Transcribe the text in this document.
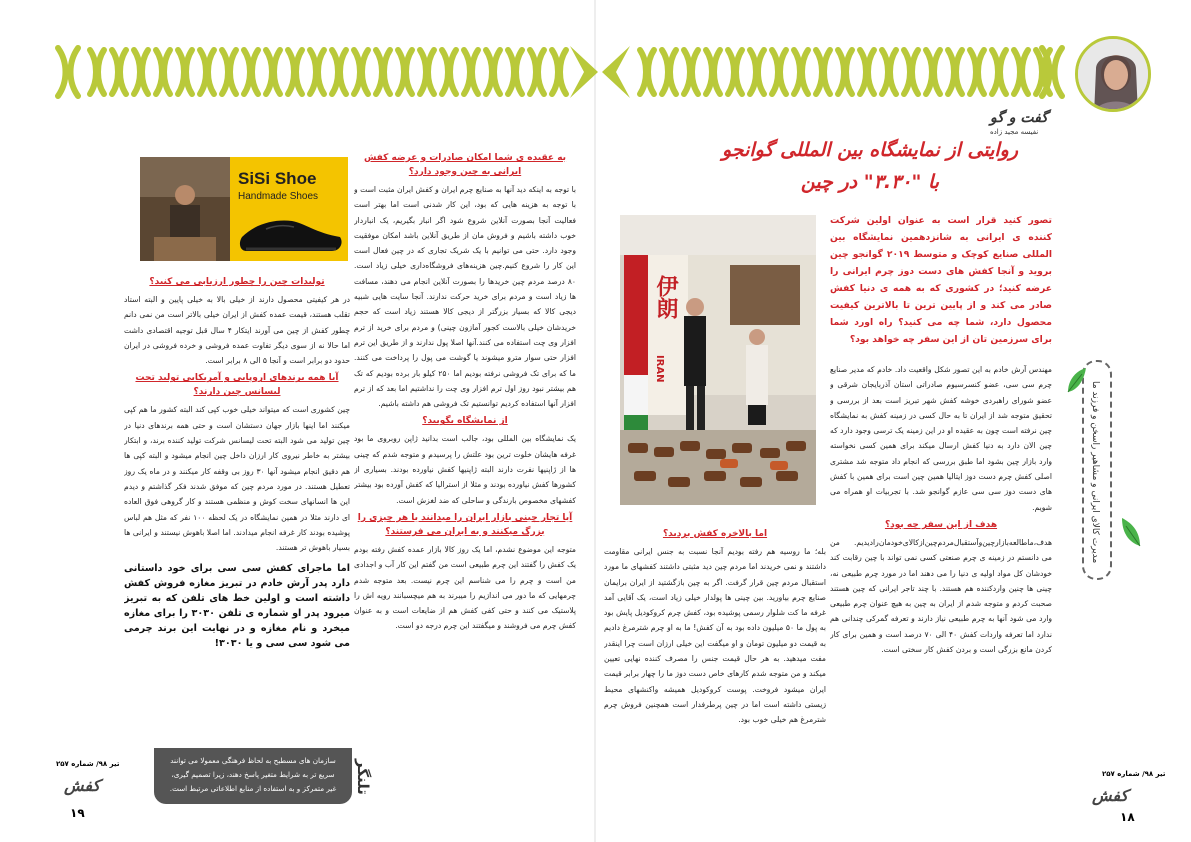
گفت و گو
نفیسه مجید زاده
روایتی از نمایشگاه بین المللی گوانجو
با "۳.۳۰" در چین
تصور کنید قرار است به عنوان اولین شرکت کننده ی ایرانی به شانزدهمین نمایشگاه بین المللی صنایع کوچک و متوسط ۲۰۱۹ گوانجو چین بروید و آنجا کفش های دست دوز چرم ایرانی را عرضه کنید؛ در کشوری که به همه ی دنیا کفش صادر می کند و از پایین ترین تا بالاترین کیفیت محصول دارد، شما چه می کنید؟ راه اورد شما برای سرزمین تان از این سفر چه خواهد بود؟

مهندس آرش خادم به این تصور شکل واقعیت داد. خادم که مدیر صنایع چرم سی سی، عضو کنسرسیوم صادراتی استان آذربایجان شرقی و عضو شورای راهبردی خوشه کفش شهر تبریز است بعد از بررسی و تحقیق متوجه شد از ایران تا به حال کسی در زمینه کفش به نمایشگاه چین نرفته است چون به عقیده او در این زمینه یک ترسی وجود دارد که چین الان دارد به دنیا کفش ارسال میکند برای همین کسی نخواسته وارد بازار چین بشود اما طبق بررسی که انجام داد متوجه شد مشتری اصلی کفش چرم دست دوز ایتالیا همین چین است برای همین با کفش های دست دوز سی سی عازم گوانجو شد. با تجربیات او همراه می شویم.

هدف از این سفر چه بود؟

هدف،ماطالعه‌بازارچین‌وآستقبال‌مردم‌چین‌ازکالای‌خودمان‌را‌دیدیم. من می دانستم در زمینه ی چرم صنعتی کسی نمی تواند با چین رقابت کند خودشان کل مواد اولیه ی دنیا را می دهند اما در مورد چرم طبیعی نه، چینی ها چنین واردکننده هم هستند. با چند تاجر ایرانی که چین هستند صحبت کردم و متوجه شدم از ایران به چین به هیچ عنوان چرم طبیعی وارد می شود آنها به چرم طبیعی نیاز دارند و تعرفه گمرکی چندانی هم ندارد اما تعرفه واردات کفش ۴۰ الی ۷۰ درصد است و همین برای کار کردن مانع بزرگی است و بردن کفش کار سختی است.

伊朗
IRAN
اما بالاخره کفش بردید؟

بله؛ ما روسیه هم رفته بودیم آنجا نسبت به جنس ایرانی مقاومت داشتند و نمی خریدند اما مردم چین دید مثبتی داشتند کفشهای ما مورد استقبال مردم چین قرار گرفت. اگر به چین بازگشتید از ایران برایمان صنایع چرم بیاورید. بین چینی ها پولدار خیلی زیاد است، یک آقایی آمد غرفه ما کت شلوار رسمی پوشیده بود، کفش چرم کروکودیل پایش بود به پول ما ۵۰ میلیون داده بود به آن کفش! ما به او چرم شترمرغ دادیم به قیمت دو میلیون تومان و او میگفت این خیلی ارزان است چرا اینقدر مفت میدهید. به هر حال قیمت جنس را مصرف کننده نهایی تعیین میکند و من متوجه شدم کارهای خاص دست دوز ما را چهار برابر قیمت ایران میشود فروخت. پوست کروکودیل همیشه واکنشهای محیط زیستی داشته است اما در چین پرطرفدار است همچنین فروش چرم شترمرغ هم خیلی خوب بود.

مدیرت کالای ایرانی و مشاهیر راسخن و فرزند ما
تیر ۹۸/ شماره ۲۵۷
کفش
۱۸
به عقیده ی شما امکان صادرات و عرضه کفش ایرانی به چین وجود دارد؟

با توجه به اینکه دید آنها به صنایع چرم ایران و کفش ایران مثبت است و با توجه به هزینه هایی که بود، این کار شدنی است اما بهتر است فعالیت آنجا بصورت آنلاین شروع شود اگر انبار بگیریم، یک انباردار خوب داشته باشیم و فروش مان از طریق آنلاین باشد امکان موفقیت وجود دارد. حتی می توانیم با یک شریک تجاری که در چین فعال است این کار را شروع کنیم.چین هزینه‌های فروشگاه‌داری خیلی زیاد است. ۸۰ درصد مردم چین خریدها را بصورت آنلاین انجام می دهند، مسافت ها زیاد است و مردم برای خرید حرکت ندارند. آنجا سایت هایی شبیه دیجی کالا که بسیار بزرگتر از دیجی کالا هستند زیاد است که حجم خریدشان خیلی بالاست کجور آمازون چینی) و مردم برای خرید از ترم افزار وی چت استفاده می کنند.آنها اصلا پول ندارند و از طریق این ترم افزار حتی سوار مترو میشوند یا گوشت می پول را پرداخت می کنند. ما که برای تک فروشی نرفته بودیم اما ۲۵۰ کیلو بار برده بودیم که تک هم بیشتر نبود روز اول ترم افزار وی چت را نداشتیم اما بعد که از ترم افزار آنها استفاده کردیم توانستیم تک فروشی هم داشته باشیم.

از نمایشگاه بگویید؟

یک نمایشگاه بین المللی بود، جالب است بدانید ژاپن روبروی ما بود غرفه هایشان خلوت ترین بود علتش را پرسیدم و متوجه شدم که چینی ها از ژاپنیها نفرت دارند البته ژاپنیها کفش نیاورده بودند. بسیاری از کشورها کفش نیاورده بودند و مثلا از استرالیا که کفش آورده بود بیشتر کفشهای مخصوص بارندگی و ساحلی که ضد لغزش است.

آیا تجار چینی بازار ایران را میدانند یا هر چیزی را بزرگ میکنند و به ایران می فرستند؟

متوجه این موضوع نشدم، اما یک روز کالا بازار عمده کفش رفته بودم یک کفش را گفتند این چرم طبیعی است من گفتم این کار آب و اجدادی من است و چرم را می شناسم این چرم نیست. بعد متوجه شدم چرمهایی که ما دور می اندازیم را میبرند به هم میچسبانند رویه اش را پلاستیک می کنند و حتی کفی کفش هم از ضایعات است و به عنوان کفش چرم می فروشند و میگفتند این چرم درجه دو است.

SiSi Shoe
Handmade Shoes
تولیدات چین را چطور ارزیابی می کنید؟

در هر کیفیتی محصول دارند از خیلی بالا به خیلی پایین و البته استاد تقلب هستند، قیمت عمده کفش از ایران خیلی بالاتر است من نمی دانم چطور کفش از چین می آورند ایتکار ۴ سال قبل توجیه اقتصادی داشت اما حالا نه از سوی دیگر تفاوت عمده فروشی و خرده فروشی در ایران حدود دو برابر است و آنجا ۵ الی ۸ برابر است.

آیا همه برندهای اروپایی و آمریکایی تولید تحت لیسانس چین دارند؟

چین کشوری است که میتواند خیلی خوب کپی کند البته کشور ما هم کپی میکنند اما اینها بازار جهان دستشان است و حتی همه برندهای دنیا در چین تولید می شود البته تحت لیسانس شرکت تولید کننده برند، و ابتکار بیشتر به خاطر نیروی کار ارزان داخل چین انجام میشود و البته کپی ها هم دقیق انجام میشود آنها ۳۰ روز بی وقفه کار میکنند و در ماه یک روز تعطیل هستند. در مورد مردم چین که موفق شدند فکر گذاشتم و دیدم این ها انسانهای سخت کوش و منظمی هستند و کار گروهی فوق العاده ای دارند مثلا در همین نمایشگاه در یک لحظه ۱۰۰ نفر که مثل هم لباس پوشیده بودند کار غرفه انجام میدادند. اما اصلا باهوش نیستند و ایرانی ها بسیار باهوش تر هستند.

اما ماجرای کفش سی سی برای خود داستانی دارد پدر آرش خادم در تبریز مغازه فروش کفش داشته است و اولین خط های تلفن که به تبریز میرود پدر او شماره ی تلفن ۳۰۳۰ را برای مغازه میخرد و نام مغازه و در نهایت این برند چرمی می شود سی سی و یا ۳۰۳۰!

سازمان های مسطبح به لحاظ فرهنگی معمولا می توانند سریع تر به شرایط متغیر پاسخ دهند، زیرا تصمیم گیری، غیر متمرکز و به استفاده از منابع اطلاعاتی مرتبط است.	تلنگر
تیر ۹۸/ شماره ۲۵۷
کفش
۱۹
